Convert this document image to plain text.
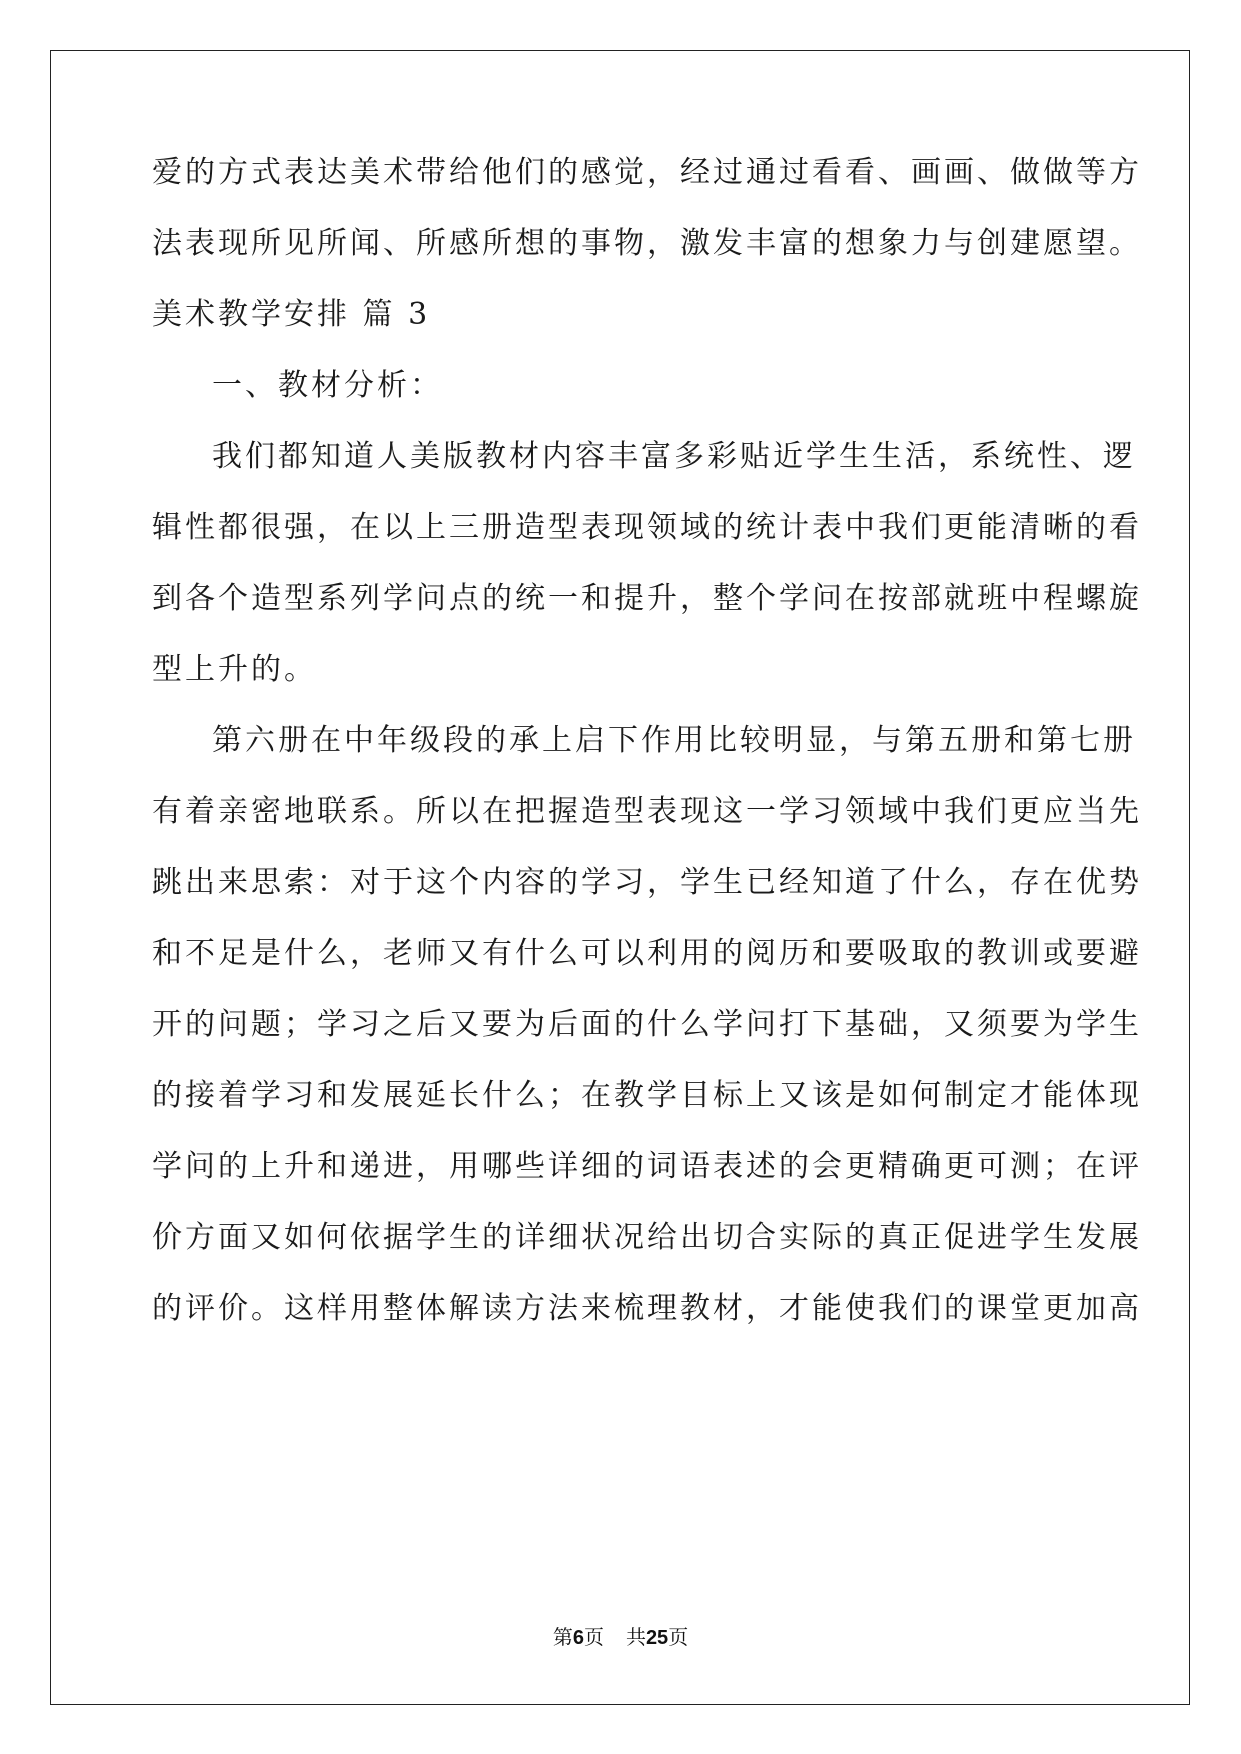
爱的方式表达美术带给他们的感觉，经过通过看看、画画、做做等方
法表现所见所闻、所感所想的事物，激发丰富的想象力与创建愿望。
美术教学安排 篇 3
一、教材分析：
我们都知道人美版教材内容丰富多彩贴近学生生活，系统性、逻
辑性都很强，在以上三册造型表现领域的统计表中我们更能清晰的看
到各个造型系列学问点的统一和提升，整个学问在按部就班中程螺旋
型上升的。
第六册在中年级段的承上启下作用比较明显，与第五册和第七册
有着亲密地联系。所以在把握造型表现这一学习领域中我们更应当先
跳出来思索：对于这个内容的学习，学生已经知道了什么，存在优势
和不足是什么，老师又有什么可以利用的阅历和要吸取的教训或要避
开的问题；学习之后又要为后面的什么学问打下基础，又须要为学生
的接着学习和发展延长什么；在教学目标上又该是如何制定才能体现
学问的上升和递进，用哪些详细的词语表述的会更精确更可测；在评
价方面又如何依据学生的详细状况给出切合实际的真正促进学生发展
的评价。这样用整体解读方法来梳理教材，才能使我们的课堂更加高
第6页 共25页
